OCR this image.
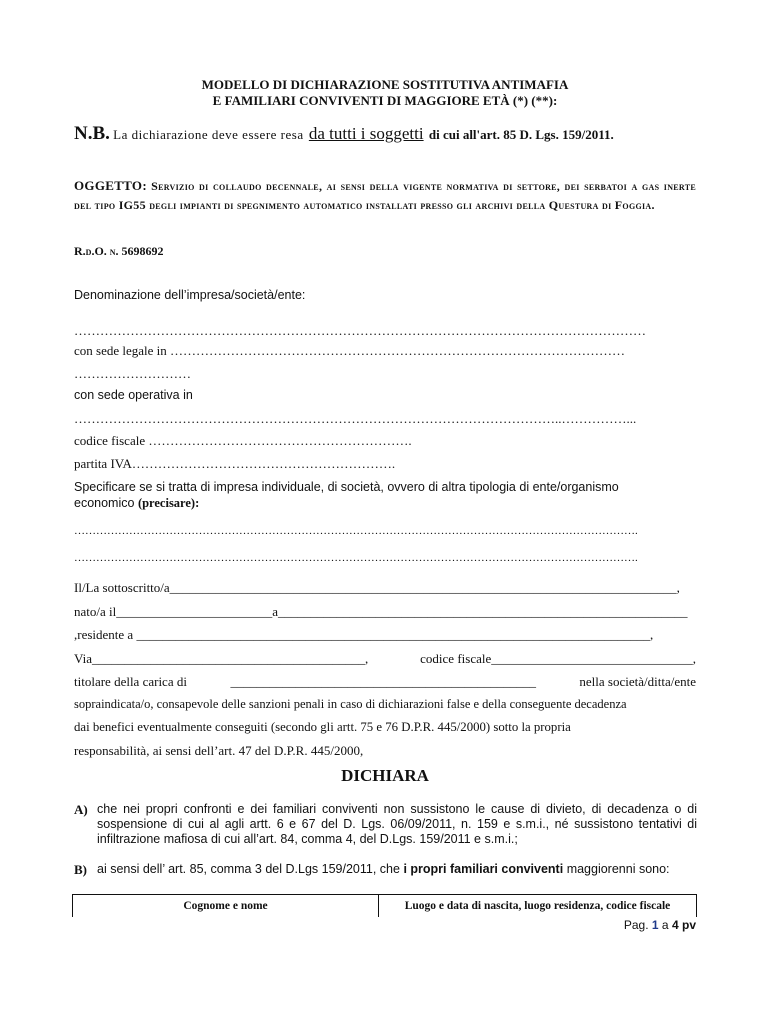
MODELLO DI DICHIARAZIONE SOSTITUTIVA ANTIMAFIA
E FAMILIARI CONVIVENTI DI MAGGIORE ETÀ (*) (**):
N.B. La dichiarazione deve essere resa da tutti i soggetti di cui all'art. 85 D. Lgs. 159/2011.
OGGETTO: Servizio di collaudo decennale, ai sensi della vigente normativa di settore, dei serbatoi a gas inerte del tipo IG55 degli impianti di spegnimento automatico installati presso gli archivi della Questura di Foggia.
R.d.O. n. 5698692
Denominazione dell’impresa/società/ente:
……………………………………………………………………………………………………………………
con sede legale in ……………………………………………………………………………………………
………………………
con sede operativa in
…………………………………………………………………………………………………..……………...
codice fiscale …………………………………………………….
partita IVA…………………………………………………….
Specificare se si tratta di impresa individuale, di società, ovvero di altra tipologia di ente/organismo
economico (precisare):
……………………………………………………………………………………………………………………………………….
……………………………………………………………………………………………………………………………………….
Il/La sottoscritto/a______________________________________________________________________________,
nato/a il________________________a_______________________________________________________________
,residente a _______________________________________________________________________________,
Via__________________________________________,	codice fiscale_______________________________,
titolare della carica di	_______________________________________________	nella società/ditta/ente
sopraindicata/o, consapevole delle sanzioni penali in caso di dichiarazioni false e della conseguente decadenza
dai benefici eventualmente conseguiti (secondo gli artt. 75 e 76 D.P.R. 445/2000) sotto la propria
responsabilità, ai sensi dell’art. 47 del D.P.R. 445/2000,
DICHIARA
A) che nei propri confronti e dei familiari conviventi non sussistono le cause di divieto, di decadenza o di sospensione di cui al agli artt. 6 e 67 del D. Lgs. 06/09/2011, n. 159 e s.m.i., né sussistono tentativi di infiltrazione mafiosa di cui all’art. 84, comma 4, del D.Lgs. 159/2011 e s.m.i.;
B) ai sensi dell’ art. 85, comma 3 del D.Lgs 159/2011, che i propri familiari conviventi maggiorenni sono:
Cognome e nome	Luogo e data di nascita, luogo residenza, codice fiscale
Pag. 1 a 4 pv
